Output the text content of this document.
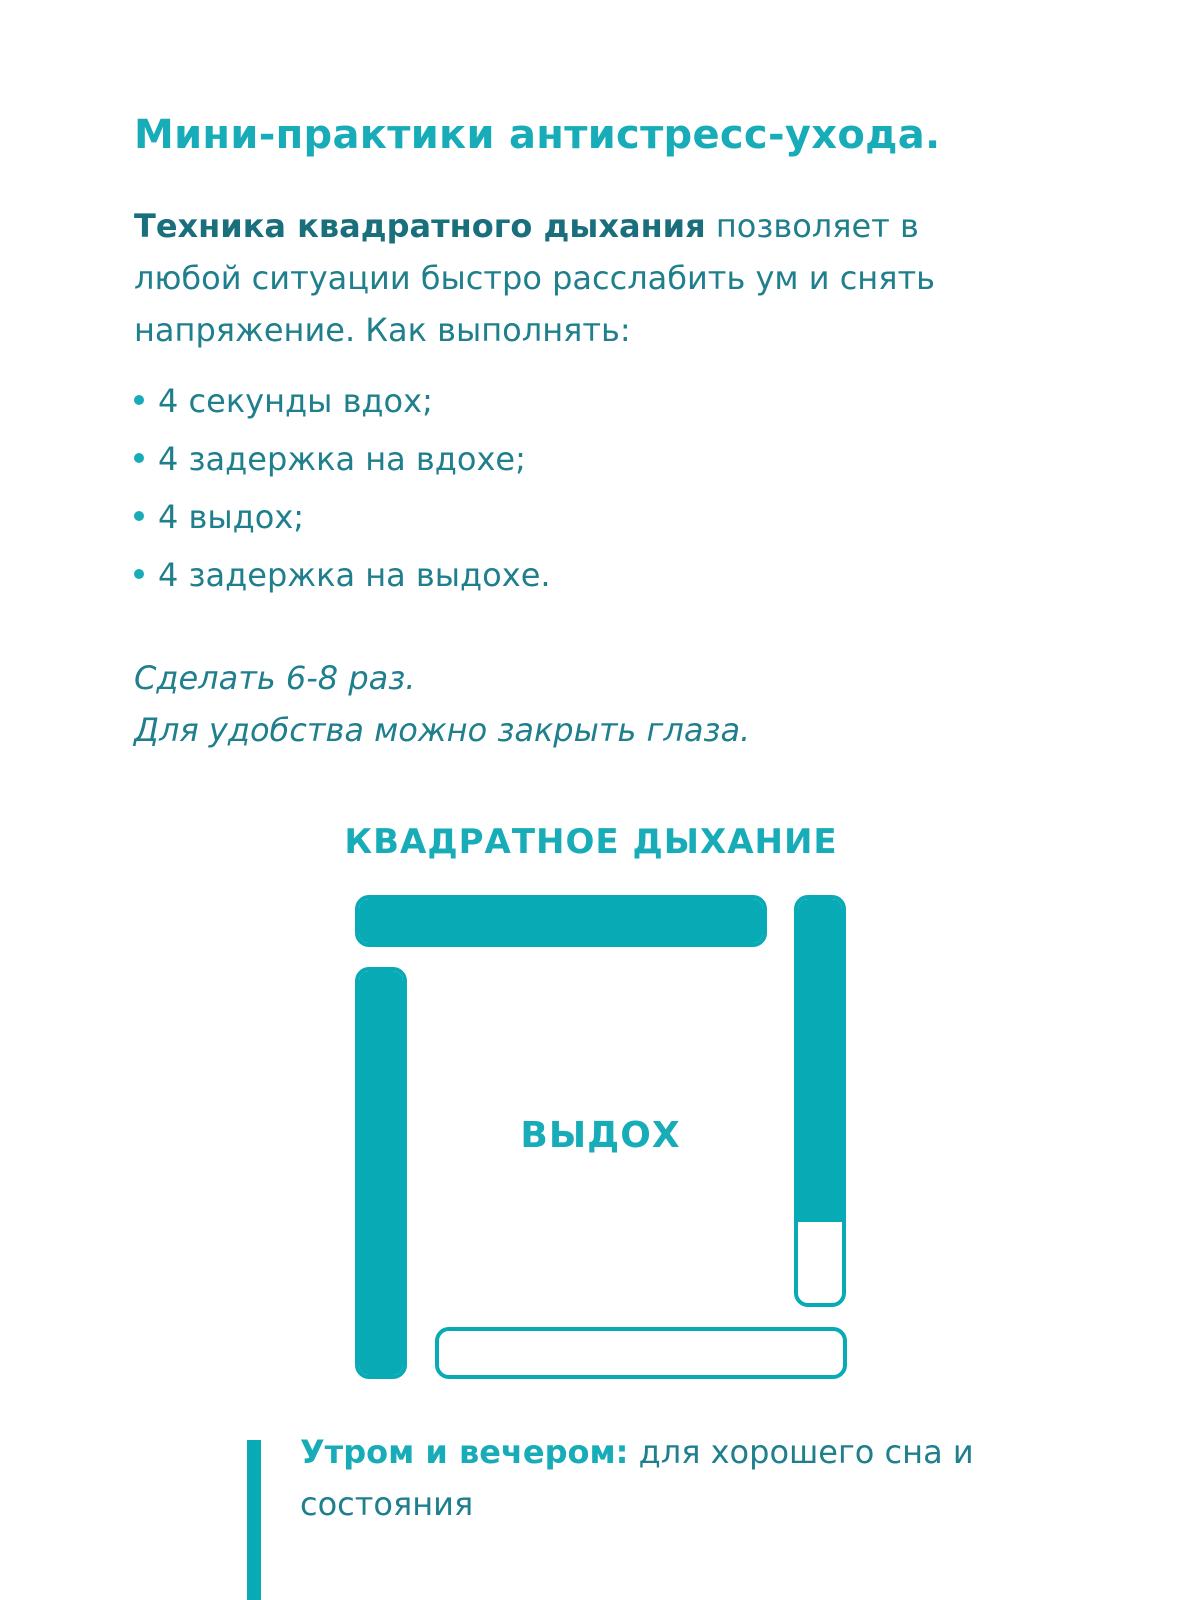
Мини-практики антистресс-ухода.

Техника квадратного дыхания позволяет в любой ситуации быстро расслабить ум и снять напряжение. Как выполнять:

4 секунды вдох;
4 задержка на вдохе;
4 выдох;
4 задержка на выдохе.
Сделать 6-8 раз.
Для удобства можно закрыть глаза.
КВАДРАТНОЕ ДЫХАНИЕ
ВЫДОХ

Утром и вечером: для хорошего сна и состояния
